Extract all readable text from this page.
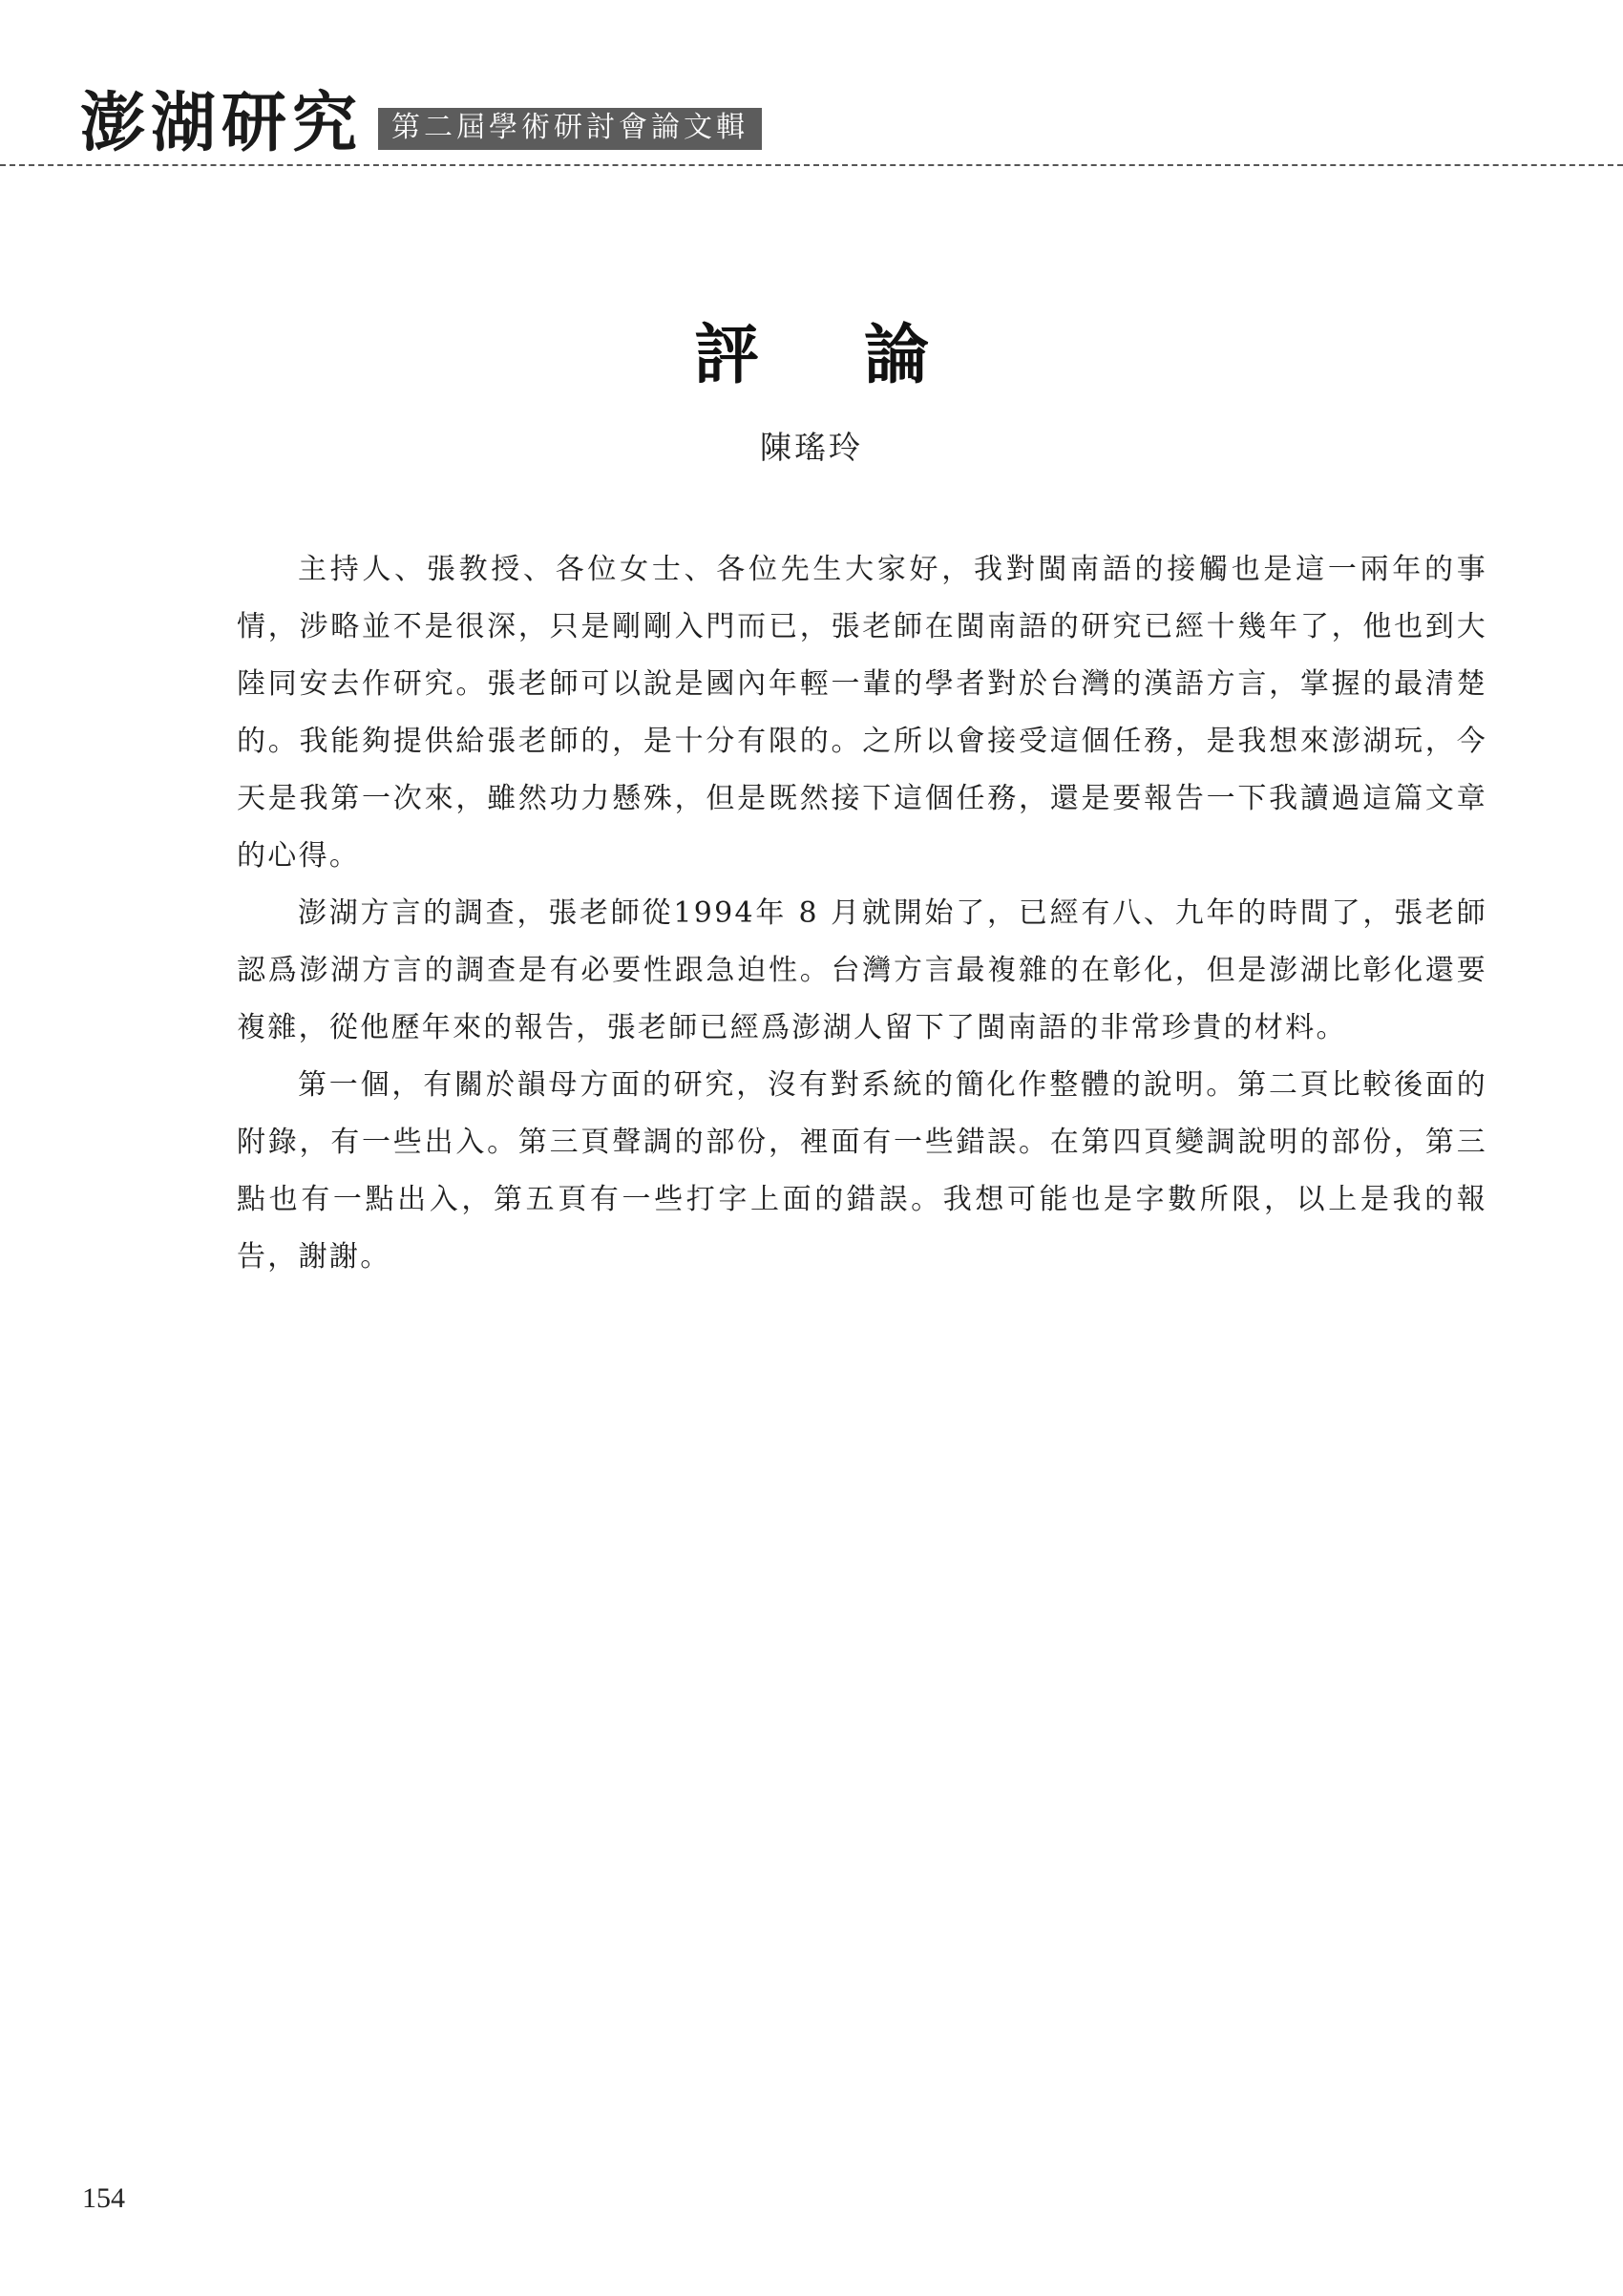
澎湖研究	第二屆學術研討會論文輯
評論
陳瑤玲

主持人、張教授、各位女士、各位先生大家好，我對閩南語的接觸也是這一兩年的事情，涉略並不是很深，只是剛剛入門而已，張老師在閩南語的研究已經十幾年了，他也到大陸同安去作研究。張老師可以說是國內年輕一輩的學者對於台灣的漢語方言，掌握的最清楚的。我能夠提供給張老師的，是十分有限的。之所以會接受這個任務，是我想來澎湖玩，今天是我第一次來，雖然功力懸殊，但是既然接下這個任務，還是要報告一下我讀過這篇文章的心得。

澎湖方言的調查，張老師從1994年 8 月就開始了，已經有八、九年的時間了，張老師認爲澎湖方言的調查是有必要性跟急迫性。台灣方言最複雜的在彰化，但是澎湖比彰化還要複雜，從他歷年來的報告，張老師已經爲澎湖人留下了閩南語的非常珍貴的材料。

第一個，有關於韻母方面的研究，沒有對系統的簡化作整體的說明。第二頁比較後面的附錄，有一些出入。第三頁聲調的部份，裡面有一些錯誤。在第四頁變調說明的部份，第三點也有一點出入，第五頁有一些打字上面的錯誤。我想可能也是字數所限，以上是我的報告，謝謝。

154
